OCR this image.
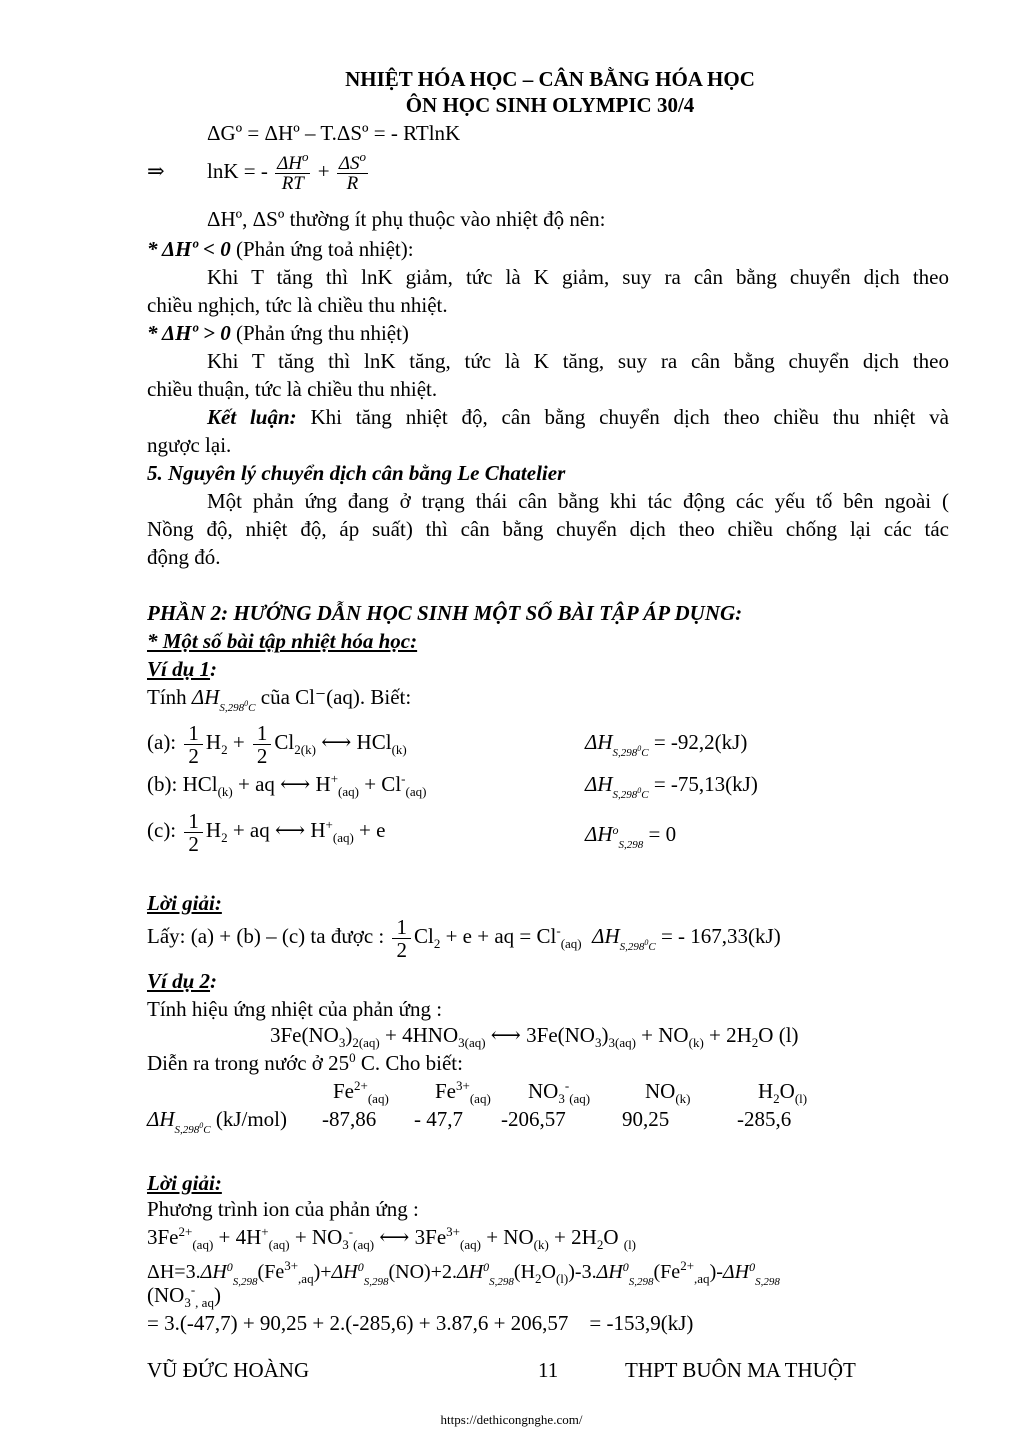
NHIỆT HÓA HỌC – CÂN BẰNG HÓA HỌC
ÔN HỌC SINH OLYMPIC 30/4
ΔGº = ΔHº – T.ΔSº = - RTlnK
⇒ lnK = - $\Delta H^o$
RT
+ $\Delta S^o$
R
ΔHº, ΔSº thường ít phụ thuộc vào nhiệt độ nên:
* ΔHº < 0 (Phản ứng toả nhiệt):
Khi T tăng thì lnK giảm, tức là K giảm, suy ra cân bằng chuyển dịch theo
chiều nghịch, tức là chiều thu nhiệt.
* ΔHº > 0 (Phản ứng thu nhiệt)
Khi T tăng thì lnK tăng, tức là K tăng, suy ra cân bằng chuyển dịch theo
chiều thuận, tức là chiều thu nhiệt.
Kết luận: Khi tăng nhiệt độ, cân bằng chuyển dịch theo chiều thu nhiệt và
ngược lại.
5. Nguyên lý chuyển dịch cân bằng Le Chatelier
Một phản ứng đang ở trạng thái cân bằng khi tác động các yếu tố bên ngoài (
Nồng độ, nhiệt độ, áp suất) thì cân bằng chuyển dịch theo chiều chống lại các tác
động đó.
PHẦN 2: HƯỚNG DẪN HỌC SINH MỘT SỐ BÀI TẬP ÁP DỤNG:
* Một số bài tập nhiệt hóa học:
Ví dụ 1:
Tính $\Delta H_{S,298^0C}$ cũa Cl⁻(aq). Biết:
(a): $\frac{1}{2} H_2 + \frac{1}{2} Cl_{2(k)}$ ⟷ HCl$_{(k)}$	$\Delta H_{S,298^0C} = -92,2(kJ)$
(b): HCl$_{(k)}$ + aq ⟷ $H^+_{(aq)} + Cl^-_{(aq)}$	$\Delta H_{S,298^0C} = -75,13(kJ)$
(c): $\frac{1}{2} H_2$ + aq ⟷ $H^+_{(aq)} + e$	$\Delta H^o_{S,298} = 0$
Lời giải:
Lấy: (a) + (b) – (c) ta được : $\frac{1}{2} Cl_2 + e$ + aq = $Cl^-_{(aq)}$ $\Delta H_{S,298^0C}$ = - 167,33(kJ)
Ví dụ 2:
Tính hiệu ứng nhiệt của phản ứng :
$3Fe(NO_3)_{2(aq)} + 4HNO_{3(aq)}$ ⟷ $3Fe(NO_3)_{3(aq)} + NO_{(k)} + 2H_2O$ (l)
Diễn ra trong nước ở $25^0$ C. Cho biết:
$Fe^{2+}_{(aq)}$ $Fe^{3+}_{(aq)}$ $NO_3^-_{(aq)}$	$NO_{(k)}$	$H_2O_{(l)}$
$\Delta H_{S,298^0C}$ (kJ/mol) -87,86 - 47,7 -206,57	90,25	-285,6
Lời giải:
Phương trình ion của phản ứng :
$3Fe^{2+}_{(aq)} + 4H^+_{(aq)} + NO_3^-_{(aq)}$ ⟷ $3Fe^{3+}_{(aq)} + NO_{(k)} + 2H_2O$ $_{(l)}$
$\Delta H=3.\Delta H^0_{S,298}(Fe^{3+}_{,aq})+\Delta H^0_{S,298}(NO)+2.\Delta H^0_{S,298}(H_2O_{(l)})-3.\Delta H^0_{S,298}(Fe^{2+}_{,aq})-\Delta H^0_{S,298}$
$(NO_3^-_{, aq})$
= 3.(-47,7) + 90,25 + 2.(-285,6) + 3.87,6 + 206,57    = -153,9(kJ)
VŨ ĐỨC HOÀNG	11	THPT BUÔN MA THUỘT
https://dethicongnghe.com/
